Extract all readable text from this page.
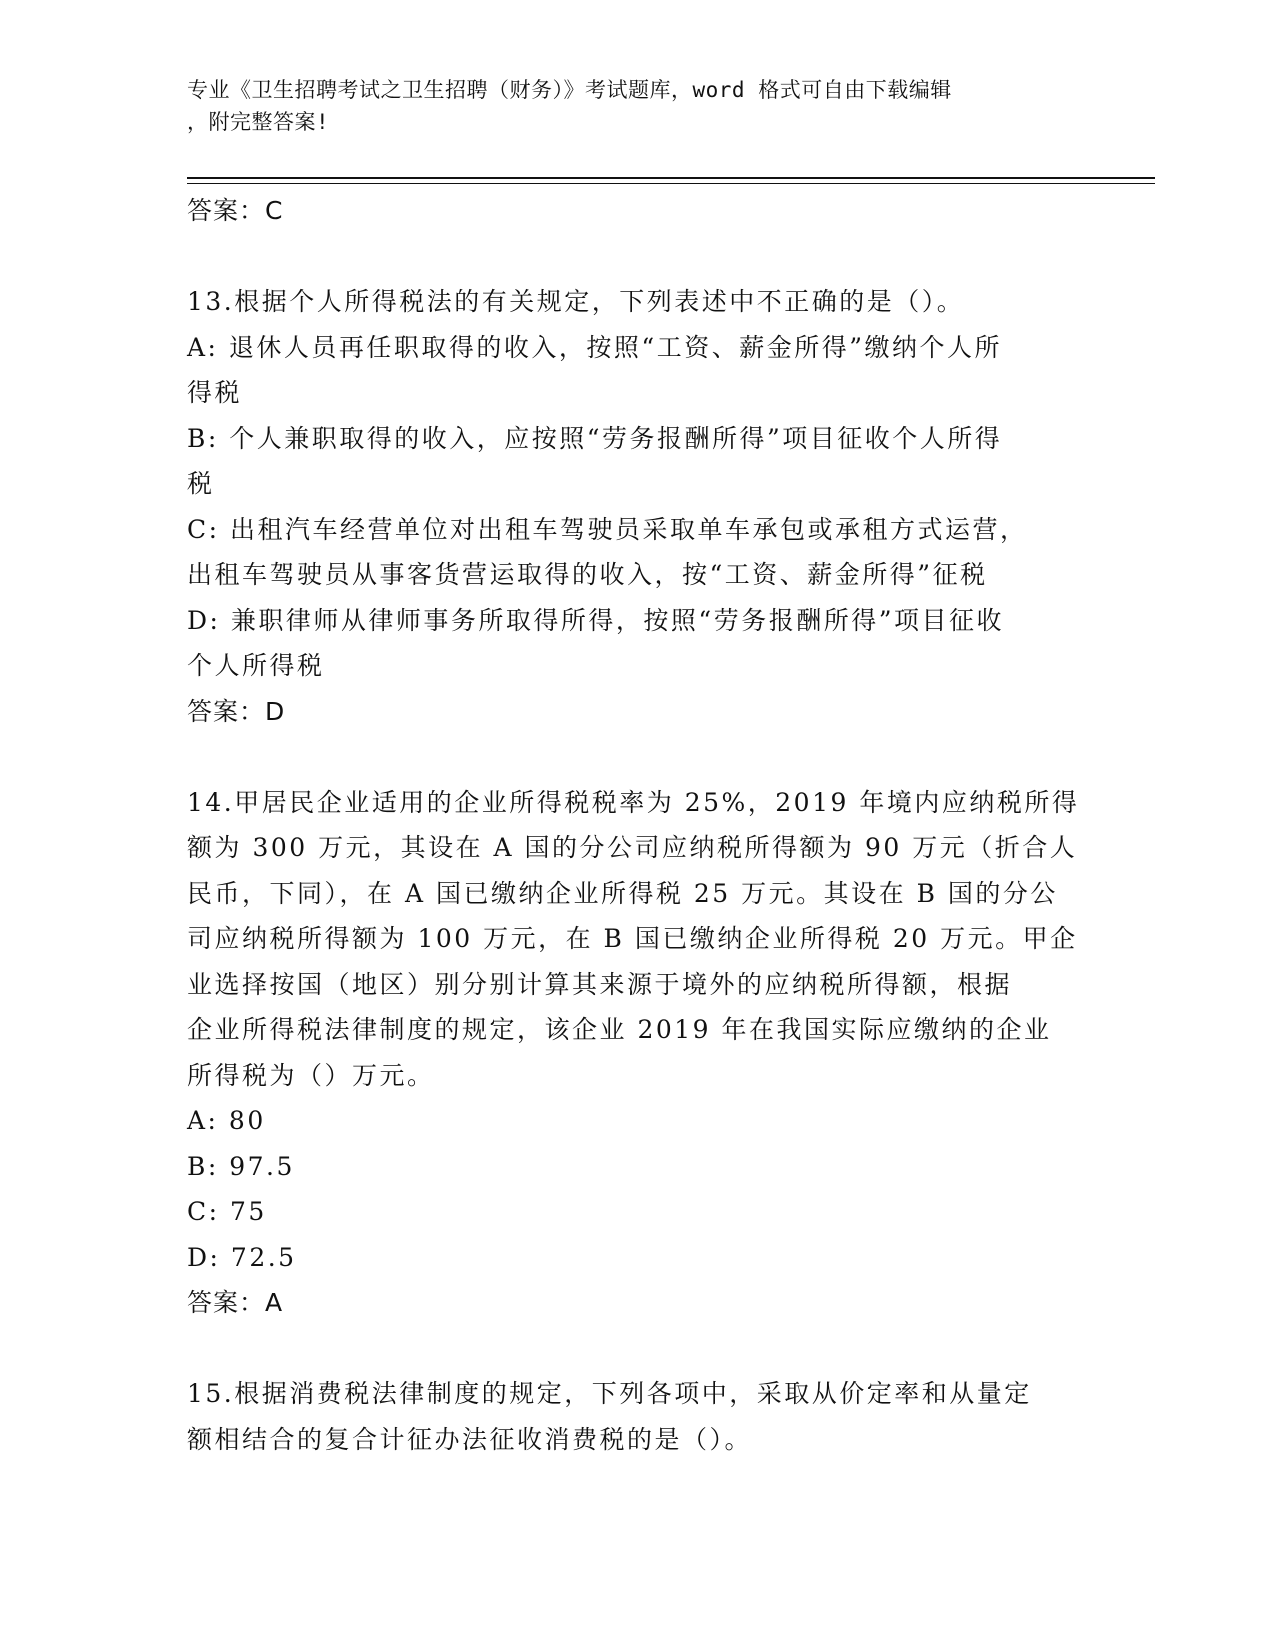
专业《卫生招聘考试之卫生招聘（财务）》考试题库，word 格式可自由下载编辑
，附完整答案!
答案：C
13.根据个人所得税法的有关规定，下列表述中不正确的是（）。
A: 退休人员再任职取得的收入，按照“工资、薪金所得”缴纳个人所
得税
B: 个人兼职取得的收入，应按照“劳务报酬所得”项目征收个人所得
税
C: 出租汽车经营单位对出租车驾驶员采取单车承包或承租方式运营，
出租车驾驶员从事客货营运取得的收入，按“工资、薪金所得”征税
D: 兼职律师从律师事务所取得所得，按照“劳务报酬所得”项目征收
个人所得税
答案：D
14.甲居民企业适用的企业所得税税率为 25%，2019 年境内应纳税所得
额为 300 万元，其设在 A 国的分公司应纳税所得额为 90 万元（折合人
民币，下同），在 A 国已缴纳企业所得税 25 万元。其设在 B 国的分公
司应纳税所得额为 100 万元，在 B 国已缴纳企业所得税 20 万元。甲企
业选择按国（地区）别分别计算其来源于境外的应纳税所得额，根据
企业所得税法律制度的规定，该企业 2019 年在我国实际应缴纳的企业
所得税为（）万元。
A: 80
B: 97.5
C: 75
D: 72.5
答案：A
15.根据消费税法律制度的规定，下列各项中，采取从价定率和从量定
额相结合的复合计征办法征收消费税的是（）。
